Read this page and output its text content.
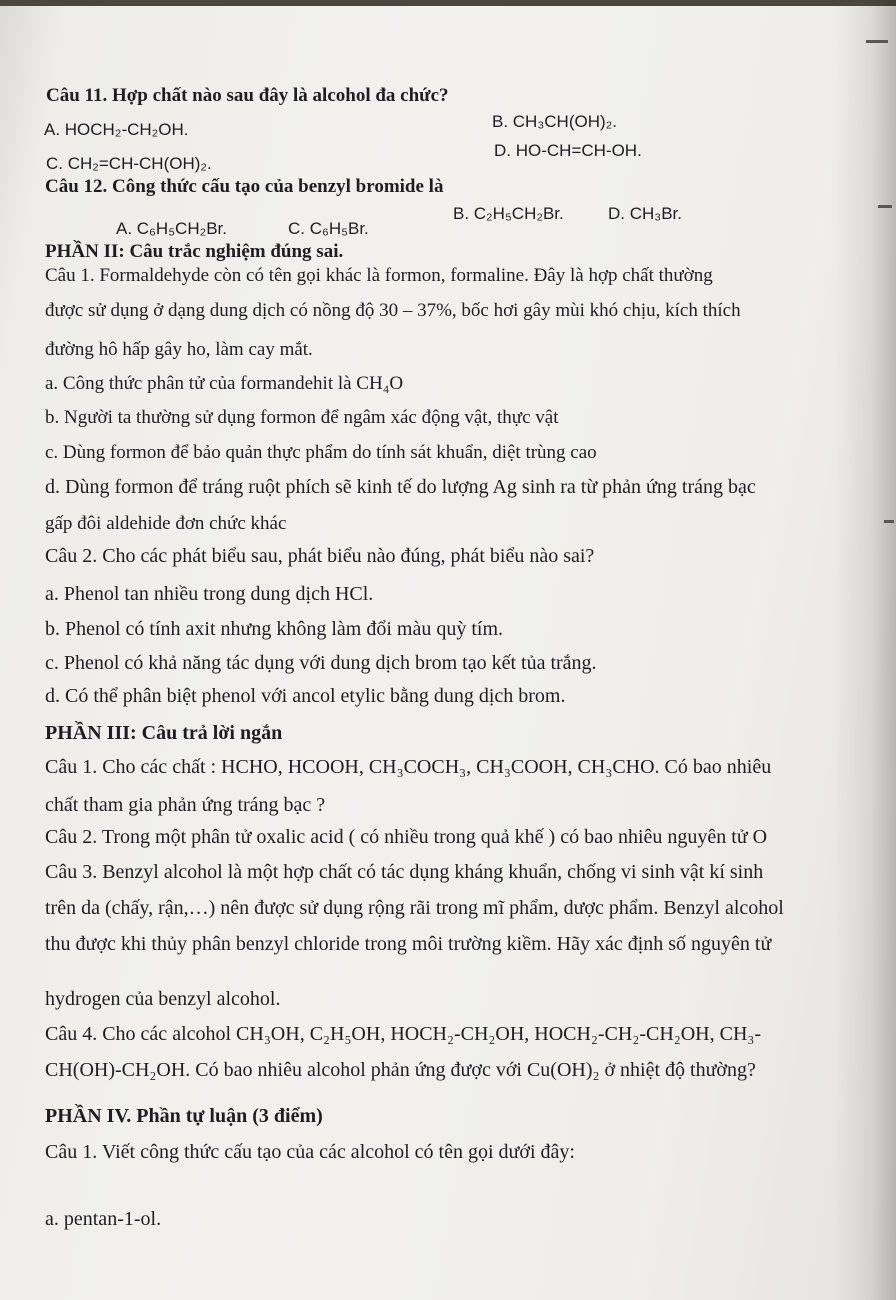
Câu 11. Hợp chất nào sau đây là alcohol đa chức?
A. HOCH₂-CH₂OH.	B. CH₃CH(OH)₂.
C. CH₂=CH-CH(OH)₂.
D. HO-CH=CH-OH.
Câu 12. Công thức cấu tạo của benzyl bromide là
A. C₆H₅CH₂Br.	C. C₆H₅Br.
B. C₂H₅CH₂Br.	D. CH₃Br.
PHẦN II: Câu trắc nghiệm đúng sai.
Câu 1. Formaldehyde còn có tên gọi khác là formon, formaline. Đây là hợp chất thường
được sử dụng ở dạng dung dịch có nồng độ 30 – 37%, bốc hơi gây mùi khó chịu, kích thích
đường hô hấp gây ho, làm cay mắt.
a. Công thức phân tử của formandehit là CH₄O
b. Người ta thường sử dụng formon để ngâm xác động vật, thực vật
c. Dùng formon để bảo quản thực phẩm do tính sát khuẩn, diệt trùng cao
d. Dùng formon để tráng ruột phích sẽ kinh tế do lượng Ag sinh ra từ phản ứng tráng bạc
gấp đôi aldehide đơn chức khác
Câu 2. Cho các phát biểu sau, phát biểu nào đúng, phát biểu nào sai?
a. Phenol tan nhiều trong dung dịch HCl.
b. Phenol có tính axit nhưng không làm đổi màu quỳ tím.
c. Phenol có khả năng tác dụng với dung dịch brom tạo kết tủa trắng.
d. Có thể phân biệt phenol với ancol etylic bằng dung dịch brom.
PHẦN III: Câu trả lời ngắn
Câu 1. Cho các chất : HCHO, HCOOH, CH₃COCH₃, CH₃COOH, CH₃CHO. Có bao nhiêu
chất tham gia phản ứng tráng bạc ?
Câu 2. Trong một phân tử oxalic acid ( có nhiều trong quả khế ) có bao nhiêu nguyên tử O
Câu 3. Benzyl alcohol là một hợp chất có tác dụng kháng khuẩn, chống vi sinh vật kí sinh
trên da (chấy, rận,…) nên được sử dụng rộng rãi trong mĩ phẩm, dược phẩm. Benzyl alcohol
thu được khi thủy phân benzyl chloride trong môi trường kiềm. Hãy xác định số nguyên tử
hydrogen của benzyl alcohol.
Câu 4. Cho các alcohol CH₃OH, C₂H₅OH, HOCH₂-CH₂OH, HOCH₂-CH₂-CH₂OH, CH₃-
CH(OH)-CH₂OH. Có bao nhiêu alcohol phản ứng được với Cu(OH)₂ ở nhiệt độ thường?
PHẦN IV. Phần tự luận (3 điểm)
Câu 1. Viết công thức cấu tạo của các alcohol có tên gọi dưới đây:
a. pentan-1-ol.
